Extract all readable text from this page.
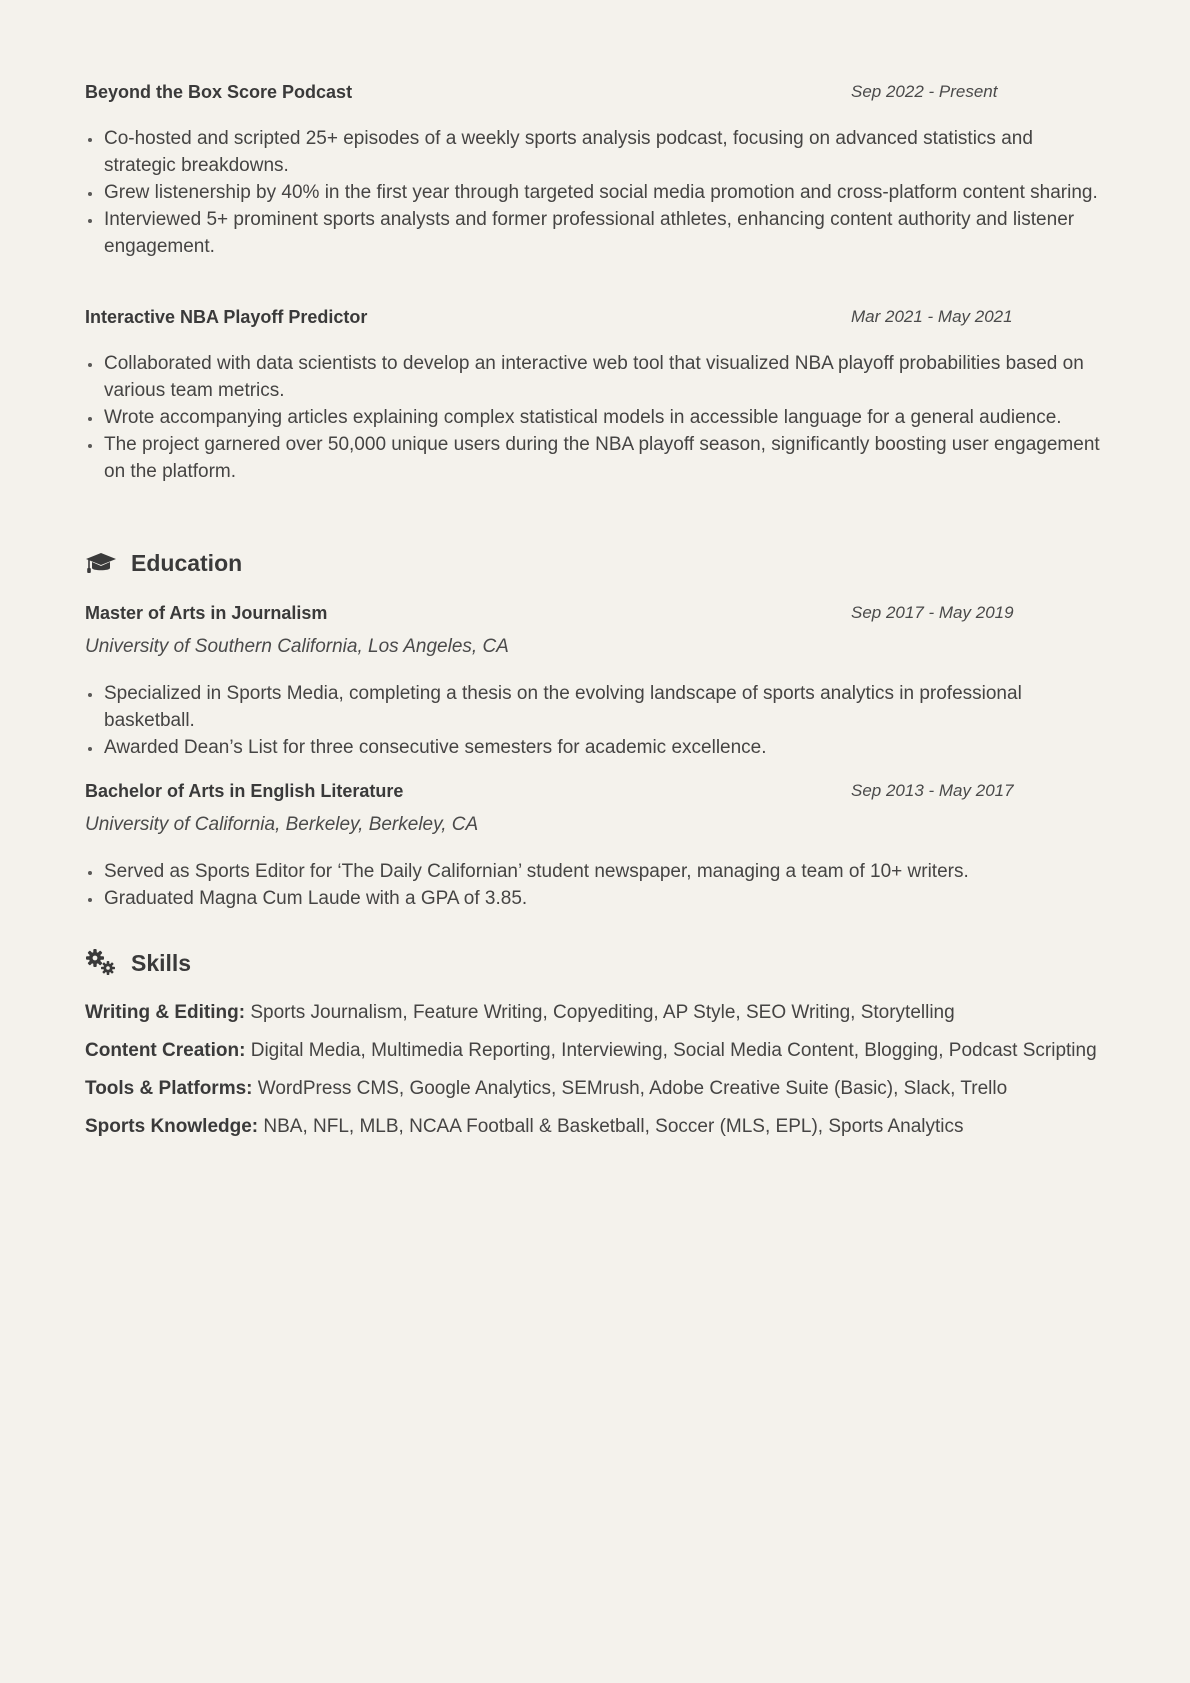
Beyond the Box Score Podcast	Sep 2022 - Present
Co-hosted and scripted 25+ episodes of a weekly sports analysis podcast, focusing on advanced statistics and strategic breakdowns.
Grew listenership by 40% in the first year through targeted social media promotion and cross-platform content sharing.
Interviewed 5+ prominent sports analysts and former professional athletes, enhancing content authority and listener engagement.
Interactive NBA Playoff Predictor	Mar 2021 - May 2021
Collaborated with data scientists to develop an interactive web tool that visualized NBA playoff probabilities based on various team metrics.
Wrote accompanying articles explaining complex statistical models in accessible language for a general audience.
The project garnered over 50,000 unique users during the NBA playoff season, significantly boosting user engagement on the platform.
Education
Master of Arts in Journalism	Sep 2017 - May 2019
University of Southern California, Los Angeles, CA
Specialized in Sports Media, completing a thesis on the evolving landscape of sports analytics in professional basketball.
Awarded Dean’s List for three consecutive semesters for academic excellence.
Bachelor of Arts in English Literature	Sep 2013 - May 2017
University of California, Berkeley, Berkeley, CA
Served as Sports Editor for ‘The Daily Californian’ student newspaper, managing a team of 10+ writers.
Graduated Magna Cum Laude with a GPA of 3.85.
Skills
Writing & Editing: Sports Journalism, Feature Writing, Copyediting, AP Style, SEO Writing, Storytelling
Content Creation: Digital Media, Multimedia Reporting, Interviewing, Social Media Content, Blogging, Podcast Scripting
Tools & Platforms: WordPress CMS, Google Analytics, SEMrush, Adobe Creative Suite (Basic), Slack, Trello
Sports Knowledge: NBA, NFL, MLB, NCAA Football & Basketball, Soccer (MLS, EPL), Sports Analytics
